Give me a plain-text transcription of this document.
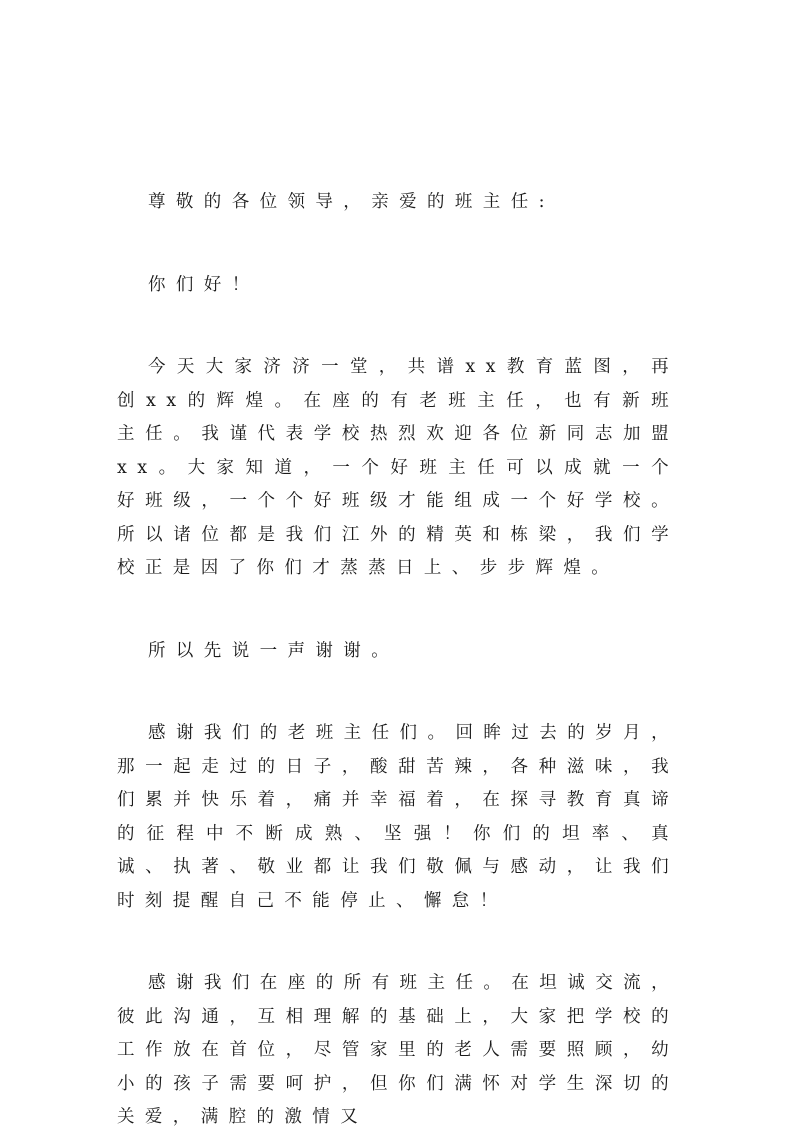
尊敬的各位领导，亲爱的班主任:

你们好！

今天大家济济一堂，共谱xx教育蓝图，再创xx的辉煌。在座的有老班主任，也有新班主任。我谨代表学校热烈欢迎各位新同志加盟xx。大家知道，一个好班主任可以成就一个好班级，一个个好班级才能组成一个好学校。所以诸位都是我们江外的精英和栋梁，我们学校正是因了你们才蒸蒸日上、步步辉煌。

所以先说一声谢谢。

感谢我们的老班主任们。回眸过去的岁月，那一起走过的日子，酸甜苦辣，各种滋味，我们累并快乐着，痛并幸福着，在探寻教育真谛的征程中不断成熟、坚强！你们的坦率、真诚、执著、敬业都让我们敬佩与感动，让我们时刻提醒自己不能停止、懈怠！

感谢我们在座的所有班主任。在坦诚交流，彼此沟通，互相理解的基础上，大家把学校的工作放在首位，尽管家里的老人需要照顾，幼小的孩子需要呵护，但你们满怀对学生深切的关爱，满腔的激情又
